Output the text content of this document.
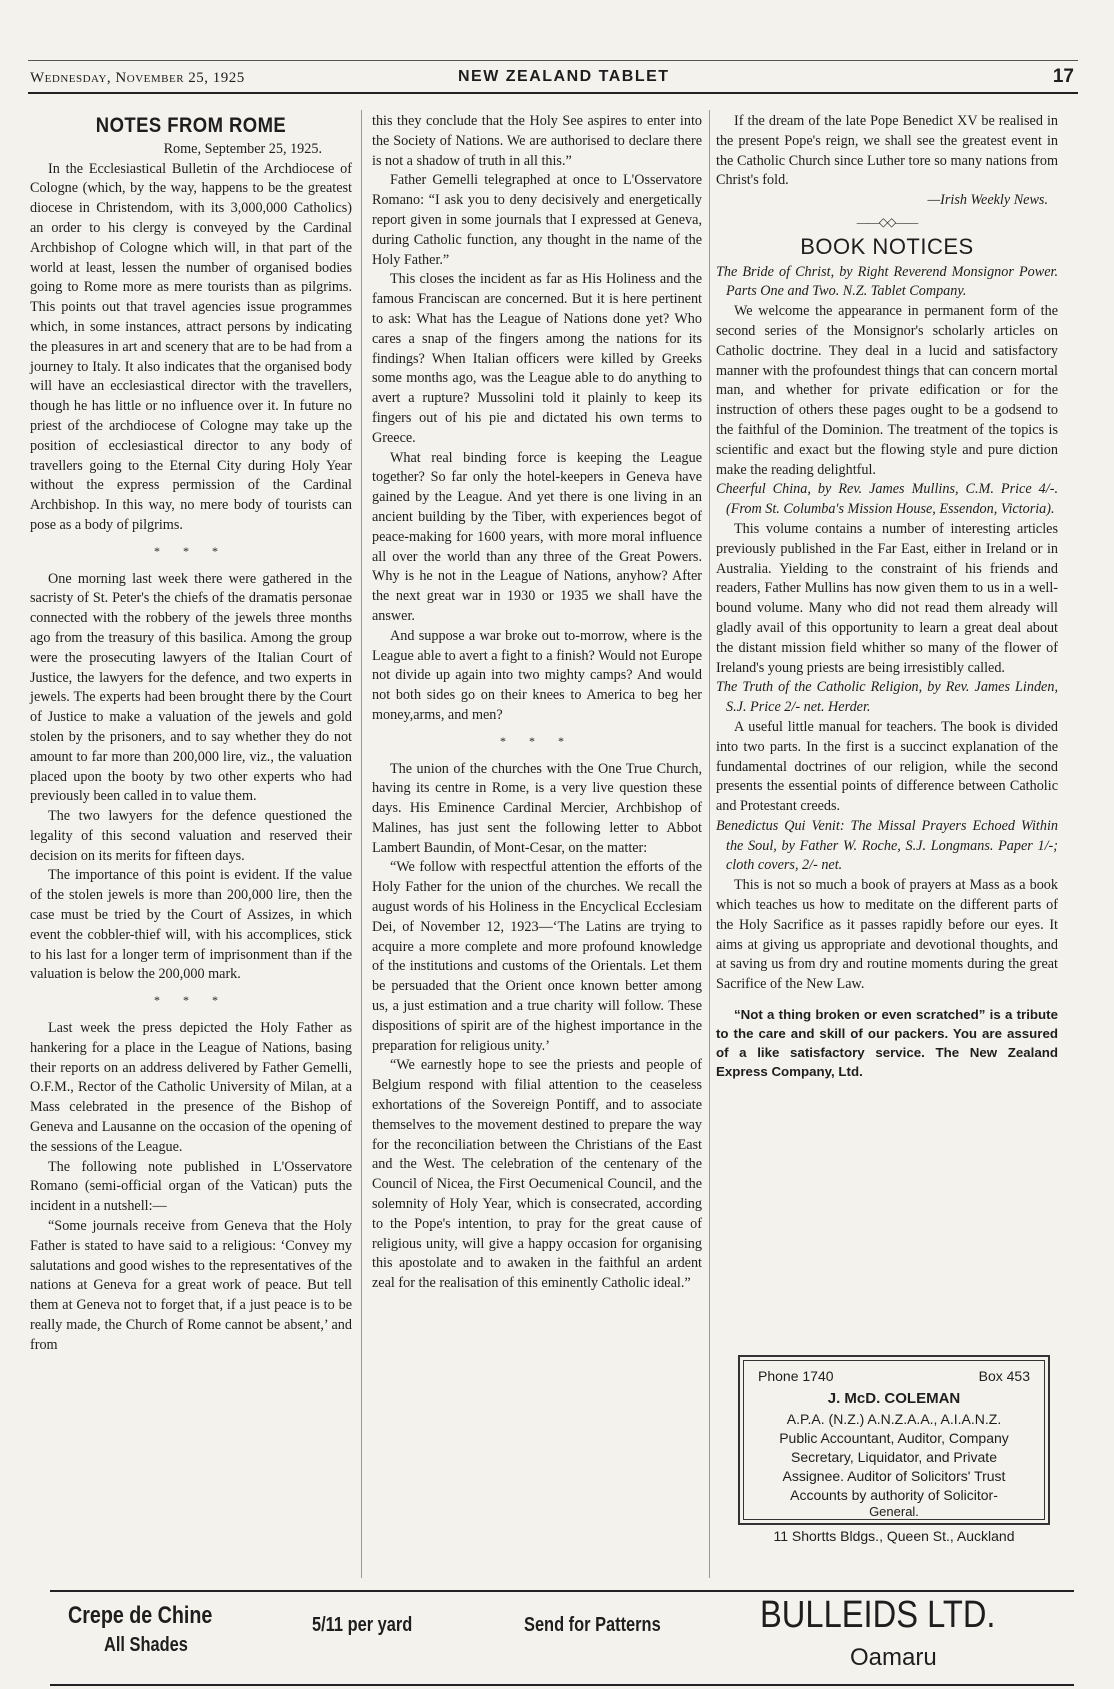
Wednesday, November 25, 1925	NEW ZEALAND TABLET	17
NOTES FROM ROME

Rome, September 25, 1925.

In the Ecclesiastical Bulletin of the Archdiocese of Cologne (which, by the way, happens to be the greatest diocese in Christendom, with its 3,000,000 Catholics) an order to his clergy is conveyed by the Cardinal Archbishop of Cologne which will, in that part of the world at least, lessen the number of organised bodies going to Rome more as mere tourists than as pilgrims. This points out that travel agencies issue programmes which, in some instances, attract persons by indicating the pleasures in art and scenery that are to be had from a journey to Italy. It also indicates that the organised body will have an ecclesiastical director with the travellers, though he has little or no influence over it. In future no priest of the archdiocese of Cologne may take up the position of ecclesiastical director to any body of travellers going to the Eternal City during Holy Year without the express permission of the Cardinal Archbishop. In this way, no mere body of tourists can pose as a body of pilgrims.

* * *

One morning last week there were gathered in the sacristy of St. Peter's the chiefs of the dramatis personae connected with the robbery of the jewels three months ago from the treasury of this basilica. Among the group were the prosecuting lawyers of the Italian Court of Justice, the lawyers for the defence, and two experts in jewels. The experts had been brought there by the Court of Justice to make a valuation of the jewels and gold stolen by the prisoners, and to say whether they do not amount to far more than 200,000 lire, viz., the valuation placed upon the booty by two other experts who had previously been called in to value them.

The two lawyers for the defence questioned the legality of this second valuation and reserved their decision on its merits for fifteen days.

The importance of this point is evident. If the value of the stolen jewels is more than 200,000 lire, then the case must be tried by the Court of Assizes, in which event the cobbler-thief will, with his accomplices, stick to his last for a longer term of imprisonment than if the valuation is below the 200,000 mark.

* * *

Last week the press depicted the Holy Father as hankering for a place in the League of Nations, basing their reports on an address delivered by Father Gemelli, O.F.M., Rector of the Catholic University of Milan, at a Mass celebrated in the presence of the Bishop of Geneva and Lausanne on the occasion of the opening of the sessions of the League.

The following note published in L'Osservatore Romano (semi-official organ of the Vatican) puts the incident in a nutshell:—

“Some journals receive from Geneva that the Holy Father is stated to have said to a religious: ‘Convey my salutations and good wishes to the representatives of the nations at Geneva for a great work of peace. But tell them at Geneva not to forget that, if a just peace is to be really made, the Church of Rome cannot be absent,’ and from

this they conclude that the Holy See aspires to enter into the Society of Nations. We are authorised to declare there is not a shadow of truth in all this.”

Father Gemelli telegraphed at once to L'Osservatore Romano: “I ask you to deny decisively and energetically report given in some journals that I expressed at Geneva, during Catholic function, any thought in the name of the Holy Father.”

This closes the incident as far as His Holiness and the famous Franciscan are concerned. But it is here pertinent to ask: What has the League of Nations done yet? Who cares a snap of the fingers among the nations for its findings? When Italian officers were killed by Greeks some months ago, was the League able to do anything to avert a rupture? Mussolini told it plainly to keep its fingers out of his pie and dictated his own terms to Greece.

What real binding force is keeping the League together? So far only the hotel-keepers in Geneva have gained by the League. And yet there is one living in an ancient building by the Tiber, with experiences begot of peace-making for 1600 years, with more moral influence all over the world than any three of the Great Powers. Why is he not in the League of Nations, anyhow? After the next great war in 1930 or 1935 we shall have the answer.

And suppose a war broke out to-morrow, where is the League able to avert a fight to a finish? Would not Europe not divide up again into two mighty camps? And would not both sides go on their knees to America to beg her money,arms, and men?

* * *

The union of the churches with the One True Church, having its centre in Rome, is a very live question these days. His Eminence Cardinal Mercier, Archbishop of Malines, has just sent the following letter to Abbot Lambert Baundin, of Mont-Cesar, on the matter:

“We follow with respectful attention the efforts of the Holy Father for the union of the churches. We recall the august words of his Holiness in the Encyclical Ecclesiam Dei, of November 12, 1923—‘The Latins are trying to acquire a more complete and more profound knowledge of the institutions and customs of the Orientals. Let them be persuaded that the Orient once known better among us, a just estimation and a true charity will follow. These dispositions of spirit are of the highest importance in the preparation for religious unity.’

“We earnestly hope to see the priests and people of Belgium respond with filial attention to the ceaseless exhortations of the Sovereign Pontiff, and to associate themselves to the movement destined to prepare the way for the reconciliation between the Christians of the East and the West. The celebration of the centenary of the Council of Nicea, the First Oecumenical Council, and the solemnity of Holy Year, which is consecrated, according to the Pope's intention, to pray for the great cause of religious unity, will give a happy occasion for organising this apostolate and to awaken in the faithful an ardent zeal for the realisation of this eminently Catholic ideal.”

If the dream of the late Pope Benedict XV be realised in the present Pope's reign, we shall see the greatest event in the Catholic Church since Luther tore so many nations from Christ's fold.

—Irish Weekly News.

——◇◇——

BOOK NOTICES

The Bride of Christ, by Right Reverend Monsignor Power. Parts One and Two. N.Z. Tablet Company.

We welcome the appearance in permanent form of the second series of the Monsignor's scholarly articles on Catholic doctrine. They deal in a lucid and satisfactory manner with the profoundest things that can concern mortal man, and whether for private edification or for the instruction of others these pages ought to be a godsend to the faithful of the Dominion. The treatment of the topics is scientific and exact but the flowing style and pure diction make the reading delightful.

Cheerful China, by Rev. James Mullins, C.M. Price 4/-. (From St. Columba's Mission House, Essendon, Victoria).

This volume contains a number of interesting articles previously published in the Far East, either in Ireland or in Australia. Yielding to the constraint of his friends and readers, Father Mullins has now given them to us in a well-bound volume. Many who did not read them already will gladly avail of this opportunity to learn a great deal about the distant mission field whither so many of the flower of Ireland's young priests are being irresistibly called.

The Truth of the Catholic Religion, by Rev. James Linden, S.J. Price 2/- net. Herder.

A useful little manual for teachers. The book is divided into two parts. In the first is a succinct explanation of the fundamental doctrines of our religion, while the second presents the essential points of difference between Catholic and Protestant creeds.

Benedictus Qui Venit: The Missal Prayers Echoed Within the Soul, by Father W. Roche, S.J. Longmans. Paper 1/-; cloth covers, 2/- net.

This is not so much a book of prayers at Mass as a book which teaches us how to meditate on the different parts of the Holy Sacrifice as it passes rapidly before our eyes. It aims at giving us appropriate and devotional thoughts, and at saving us from dry and routine moments during the great Sacrifice of the New Law.

“Not a thing broken or even scratched” is a tribute to the care and skill of our packers. You are assured of a like satisfactory service. The New Zealand Express Company, Ltd.

Phone 1740	Box 453
J. McD. COLEMAN
A.P.A. (N.Z.) A.N.Z.A.A., A.I.A.N.Z.
Public Accountant, Auditor, Company
Secretary, Liquidator, and Private
Assignee. Auditor of Solicitors' Trust
Accounts by authority of Solicitor-
General.
11 Shortts Bldgs., Queen St., Auckland
Crepe de Chine
All Shades
5/11 per yard	Send for Patterns	BULLEIDS LTD.
Oamaru
